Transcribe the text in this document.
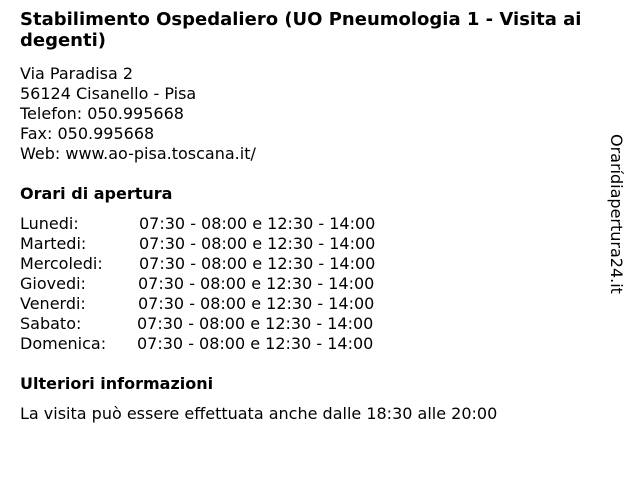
Stabilimento Ospedaliero (UO Pneumologia 1 - Visita ai degenti)
Via Paradisa 2
56124 Cisanello - Pisa
Telefon: 050.995668
Fax: 050.995668
Web: www.ao-pisa.toscana.it/
Orari di apertura
Lunedi:	07:30 - 08:00 e 12:30 - 14:00
Martedi:	07:30 - 08:00 e 12:30 - 14:00
Mercoledi: 07:30 - 08:00 e 12:30 - 14:00
Giovedi:	07:30 - 08:00 e 12:30 - 14:00
Venerdi:	07:30 - 08:00 e 12:30 - 14:00
Sabato:	07:30 - 08:00 e 12:30 - 14:00
Domenica: 07:30 - 08:00 e 12:30 - 14:00
Ulteriori informazioni
La visita può essere effettuata anche dalle 18:30 alle 20:00
Orarídiapertura24.it
